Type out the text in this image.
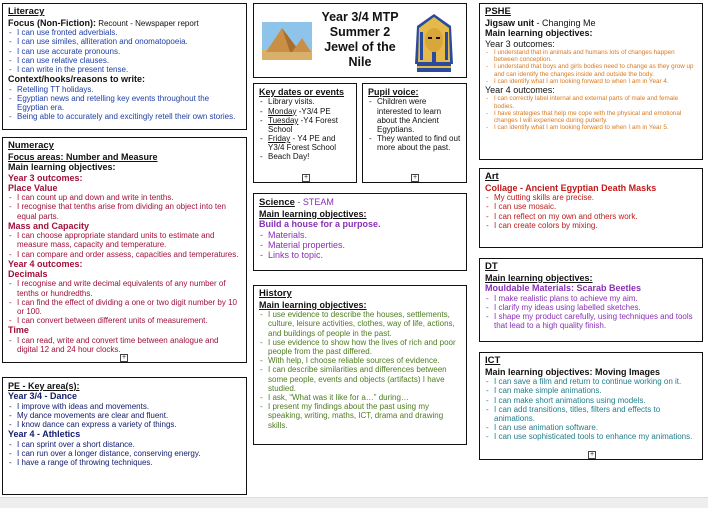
Literacy
Focus (Non-Fiction): Recount - Newspaper report
- I can use fronted adverbials.
- I can use similes, alliteration and onomatopoeia.
- I can use accurate pronouns.
- I can use relative clauses.
- I can write in the present tense.
Context/hooks/reasons to write:
- Retelling TT holidays.
- Egyptian news and retelling key events throughout the Egyptian era.
- Being able to accurately and excitingly retell their own stories.
Year 3/4 MTP
Summer 2
Jewel of the
Nile
Key dates or events
- Library visits.
- Monday -Y3/4 PE
- Tuesday -Y4 Forest School
- Friday - Y4 PE and Y3/4 Forest School
- Beach Day!
+
Pupil voice:
- Children were interested to learn about the Ancient Egyptians.
- They wanted to find out more about the past.
+
Numeracy
Focus areas: Number and Measure
Main learning objectives:
Year 3 outcomes:
Place Value
- I can count up and down and write in tenths.
- I recognise that tenths arise from dividing an object into ten equal parts.
Mass and Capacity
- I can choose appropriate standard units to estimate and measure mass, capacity and temperature.
- I can compare and order assess, capacities and temperatures.
Year 4 outcomes:
Decimals
- I recognise and write decimal equivalents of any number of tenths or hundredths.
- I can find the effect of dividing a one or two digit number by 10 or 100.
- I can convert between different units of measurement.
Time
- I can read, write and convert time between analogue and digital 12 and 24 hour clocks.
+
Science - STEAM
Main learning objectives:
Build a house for a purpose.
- Materials.
- Material properties.
- Links to topic.
History
Main learning objectives:
- I use evidence to describe the houses, settlements, culture, leisure activities, clothes, way of life, actions, and buildings of people in the past.
- I use evidence to show how the lives of rich and poor people from the past differed.
- With help, I choose reliable sources of evidence.
- I can describe similarities and differences between some people, events and objects (artifacts) I have studied.
- I ask, “What was it like for a…” during…
- I present my findings about the past using my speaking, writing, maths, ICT, drama and drawing skills.
PE - Key area(s):
Year 3/4 - Dance
- I improve with ideas and movements.
- My dance movements are clear and fluent.
- I know dance can express a variety of things.
Year 4 - Athletics
- I can sprint over a short distance.
- I can run over a longer distance, conserving energy.
- I have a range of throwing techniques.
PSHE
Jigsaw unit - Changing Me
Main learning objectives:
Year 3 outcomes:
- I understand that in animals and humans lots of changes happen between conception.
- I understand that boys and girls bodies need to change as they grow up and can identify the changes inside and outside the body.
- I can identify what I am looking forward to when I am in Year 4.
Year 4 outcomes:
- I can correctly label internal and external parts of male and female bodies.
- I have strategies that help me cope with the physical and emotional changes I will experience during puberty.
- I can identify what I am looking forward to when I am in Year 5.
Art
Collage - Ancient Egyptian Death Masks
- My cutting skills are precise.
- I can use mosaic.
- I can reflect on my own and others work.
- I can create colors by mixing.
DT
Main learning objectives:
Mouldable Materials: Scarab Beetles
- I make realistic plans to achieve my aim.
- I clarify my ideas using labelled sketches.
- I shape my product carefully, using techniques and tools that lead to a high quality finish.
ICT
Main learning objectives: Moving Images
- I can save a film and return to continue working on it.
- I can make simple animations.
- I can make short animations using models.
- I can add transitions, titles, filters and effects to animations.
- I can use animation software.
- I can use sophisticated tools to enhance my animations.
+
